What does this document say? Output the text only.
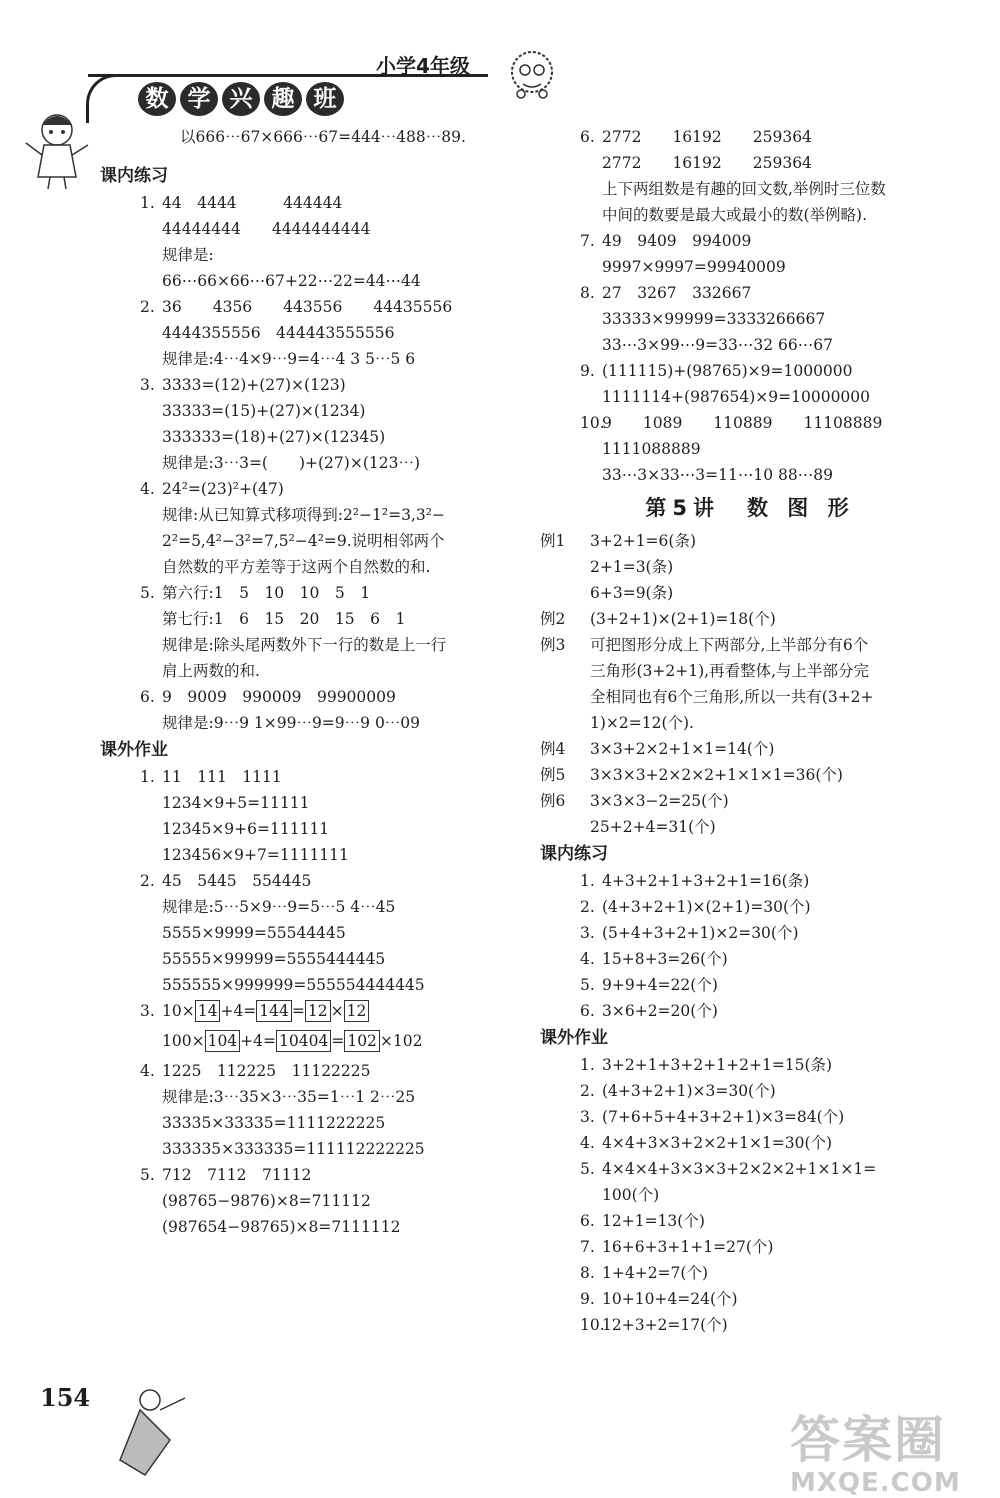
数 学 兴 趣 班
小学4年级
以666⋯67×666⋯67=444⋯488⋯89.
课内练习
1. 44　4444　　　444444
44444444　　4444444444
规律是:
66⋯66×66⋯67+22⋯22=44⋯44
2. 36　　4356　　443556　　44435556
4444355556　444443555556
规律是:4⋯4×9⋯9=4⋯4 3 5⋯5 6
3. 3333=(12)+(27)×(123)
33333=(15)+(27)×(1234)
333333=(18)+(27)×(12345)
规律是:3⋯3=(　　)+(27)×(123⋯)
4. 24²=(23)²+(47)
规律:从已知算式移项得到:2²−1²=3,3²−
2²=5,4²−3²=7,5²−4²=9.说明相邻两个
自然数的平方差等于这两个自然数的和.
5. 第六行:1　5　10　10　5　1
第七行:1　6　15　20　15　6　1
规律是:除头尾两数外下一行的数是上一行
肩上两数的和.
6. 9　9009　990009　99900009
规律是:9⋯9 1×99⋯9=9⋯9 0⋯09
课外作业
1. 11　111　1111
1234×9+5=11111
12345×9+6=111111
123456×9+7=1111111
2. 45　5445　554445
规律是:5⋯5×9⋯9=5⋯5 4⋯45
5555×9999=55544445
55555×99999=5555444445
555555×999999=555554444445
3. 10× 14 +4= 144 = 12 × 12
100× 104 +4= 10404 = 102 ×102
4. 1225　112225　11122225
规律是:3⋯35×3⋯35=1⋯1 2⋯25
33335×33335=1111222225
333335×333335=111112222225
5. 712　7112　71112
(98765−9876)×8=711112
(987654−98765)×8=7111112
6. 2772　　16192　　259364
2772　　16192　　259364
上下两组数是有趣的回文数,举例时三位数
中间的数要是最大或最小的数(举例略).
7. 49　9409　994009
9997×9997=99940009
8. 27　3267　332667
33333×99999=3333266667
33⋯3×99⋯9=33⋯32 66⋯67
9. (111115)+(98765)×9=1000000
1111114+(987654)×9=10000000
10.
9　　1089　　110889　　11108889
1111088889
33⋯3×33⋯3=11⋯10 88⋯89
第5讲　数 图 形
例1 3+2+1=6(条)
2+1=3(条)
6+3=9(条)
例2 (3+2+1)×(2+1)=18(个)
例3 可把图形分成上下两部分,上半部分有6个
三角形(3+2+1),再看整体,与上半部分完
全相同也有6个三角形,所以一共有(3+2+
1)×2=12(个).
例4 3×3+2×2+1×1=14(个)
例5 3×3×3+2×2×2+1×1×1=36(个)
例6 3×3×3−2=25(个)
25+2+4=31(个)
课内练习
1. 4+3+2+1+3+2+1=16(条)
2. (4+3+2+1)×(2+1)=30(个)
3. (5+4+3+2+1)×2=30(个)
4. 15+8+3=26(个)
5. 9+9+4=22(个)
6. 3×6+2=20(个)
课外作业
1. 3+2+1+3+2+1+2+1=15(条)
2. (4+3+2+1)×3=30(个)
3. (7+6+5+4+3+2+1)×3=84(个)
4. 4×4+3×3+2×2+1×1=30(个)
5. 4×4×4+3×3×3+2×2×2+1×1×1=
100(个)
6. 12+1=13(个)
7. 16+6+3+1+1=27(个)
8. 1+4+2=7(个)
9. 10+10+4=24(个)
10.
12+3+2=17(个)
154
答案圈
MXQE.COM
